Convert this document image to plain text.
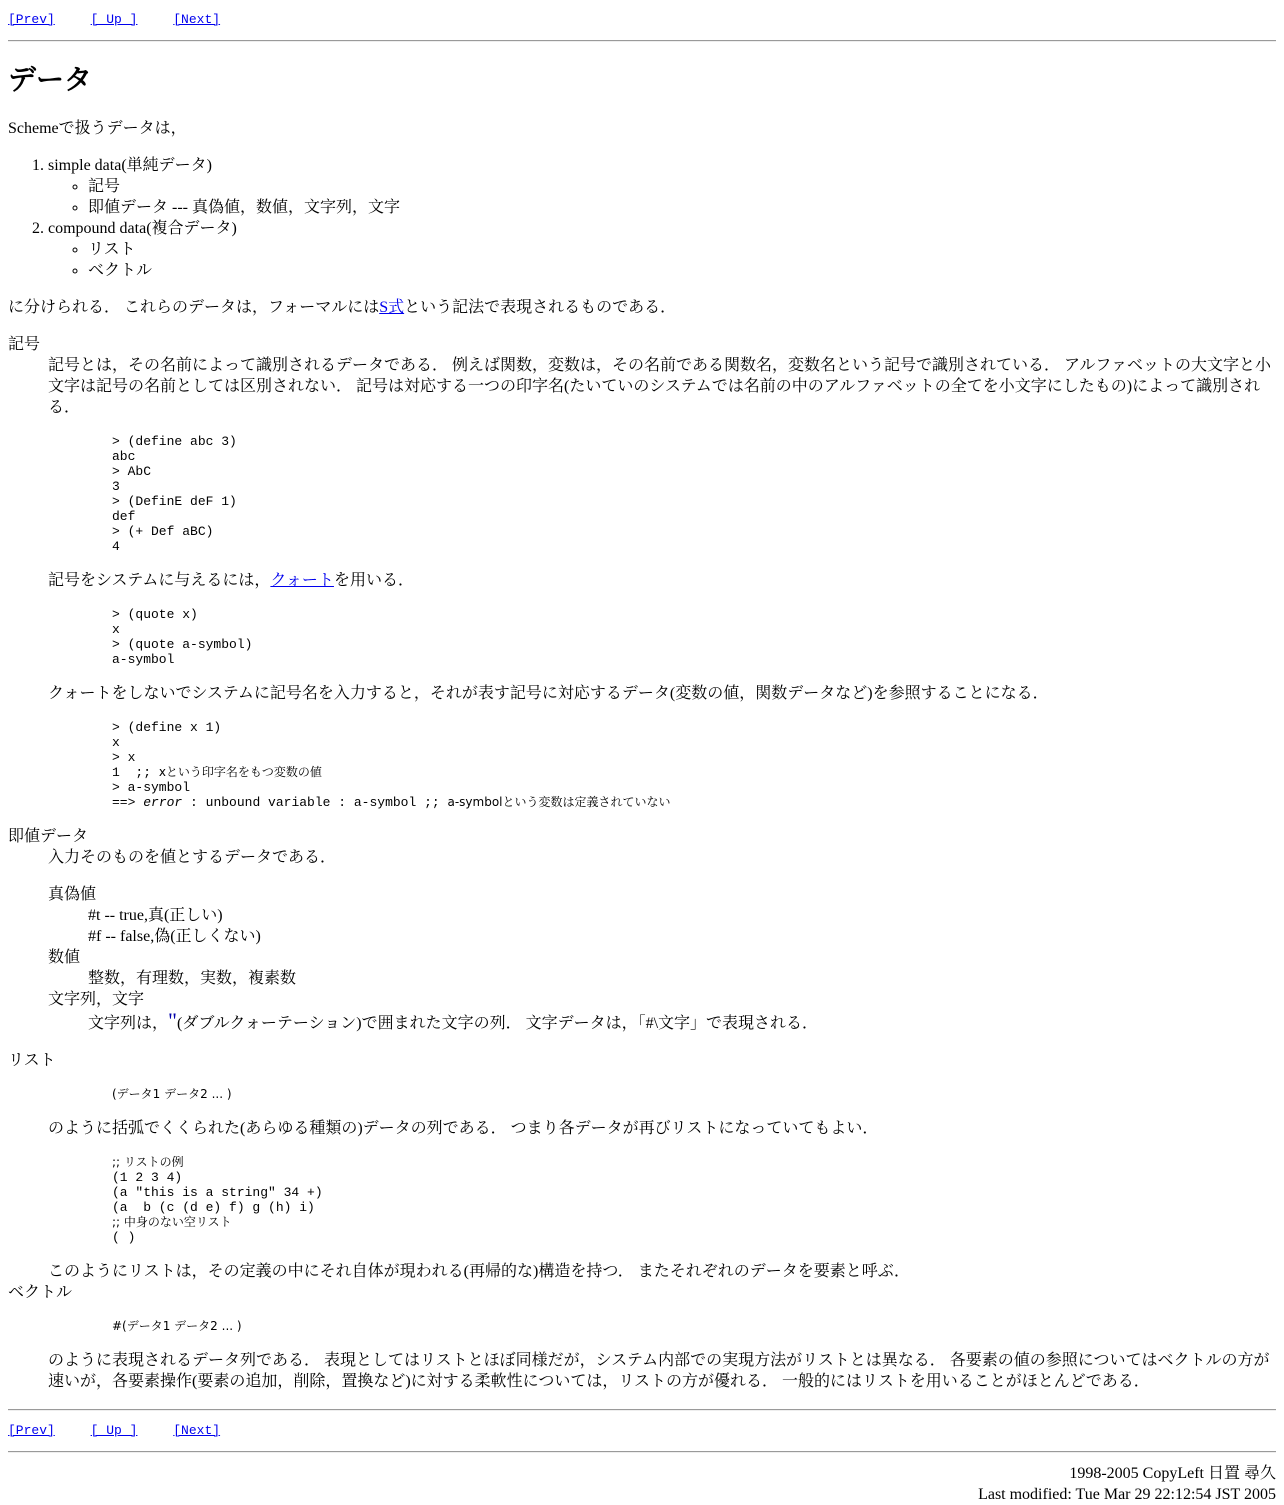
[Prev]	[ Up ]	[Next]
データ

Schemeで扱うデータは，

1. simple data(単純データ)
◦ 記号
◦ 即値データ --- 真偽値，数値，文字列，文字
2. compound data(複合データ)
◦ リスト
◦ ベクトル

に分けられる． これらのデータは，フォーマルにはS式という記法で表現されるものである．

記号
記号とは，その名前によって識別されるデータである． 例えば関数，変数は，その名前である関数名，変数名という記号で識別されている． アルファベットの大文字と小文字は記号の名前としては区別されない． 記号は対応する一つの印字名(たいていのシステムでは名前の中のアルファベットの全てを小文字にしたもの)によって識別される．
> (define abc 3)
abc
> AbC
3
> (DefinE deF 1)
def
> (+ Def aBC)
4

記号をシステムに与えるには，クォートを用いる．

> (quote x)
x
> (quote a-symbol)
a-symbol

クォートをしないでシステムに記号名を入力すると，それが表す記号に対応するデータ(変数の値，関数データなど)を参照することになる．

> (define x 1)
x
> x
1  ;; xという印字名をもつ変数の値
> a-symbol
==> error : unbound variable : a-symbol ;; a-symbolという変数は定義されていない
即値データ
入力そのものを値とするデータである．
真偽値
#t -- true,真(正しい)
#f -- false,偽(正しくない)
数値
整数，有理数，実数，複素数
文字列，文字
文字列は，"(ダブルクォーテーション)で囲まれた文字の列． 文字データは，「#\文字」で表現される．
リスト
(データ1 データ2 ... )

のように括弧でくくられた(あらゆる種類の)データの列である． つまり各データが再びリストになっていてもよい．

;; リストの例
(1 2 3 4)
(a "this is a string" 34 +)
(a  b (c (d e) f) g (h) i)
;; 中身のない空リスト
( )
このようにリストは，その定義の中にそれ自体が現われる(再帰的な)構造を持つ． またそれぞれのデータを要素と呼ぶ．
ベクトル
#(データ1 データ2 ... )
のように表現されるデータ列である． 表現としてはリストとほぼ同様だが，システム内部での実現方法がリストとは異なる． 各要素の値の参照についてはベクトルの方が速いが，各要素操作(要素の追加，削除，置換など)に対する柔軟性については，リストの方が優れる． 一般的にはリストを用いることがほとんどである．
[Prev]	[ Up ]	[Next]
1998-2005 CopyLeft 日置 尋久
Last modified: Tue Mar 29 22:12:54 JST 2005
